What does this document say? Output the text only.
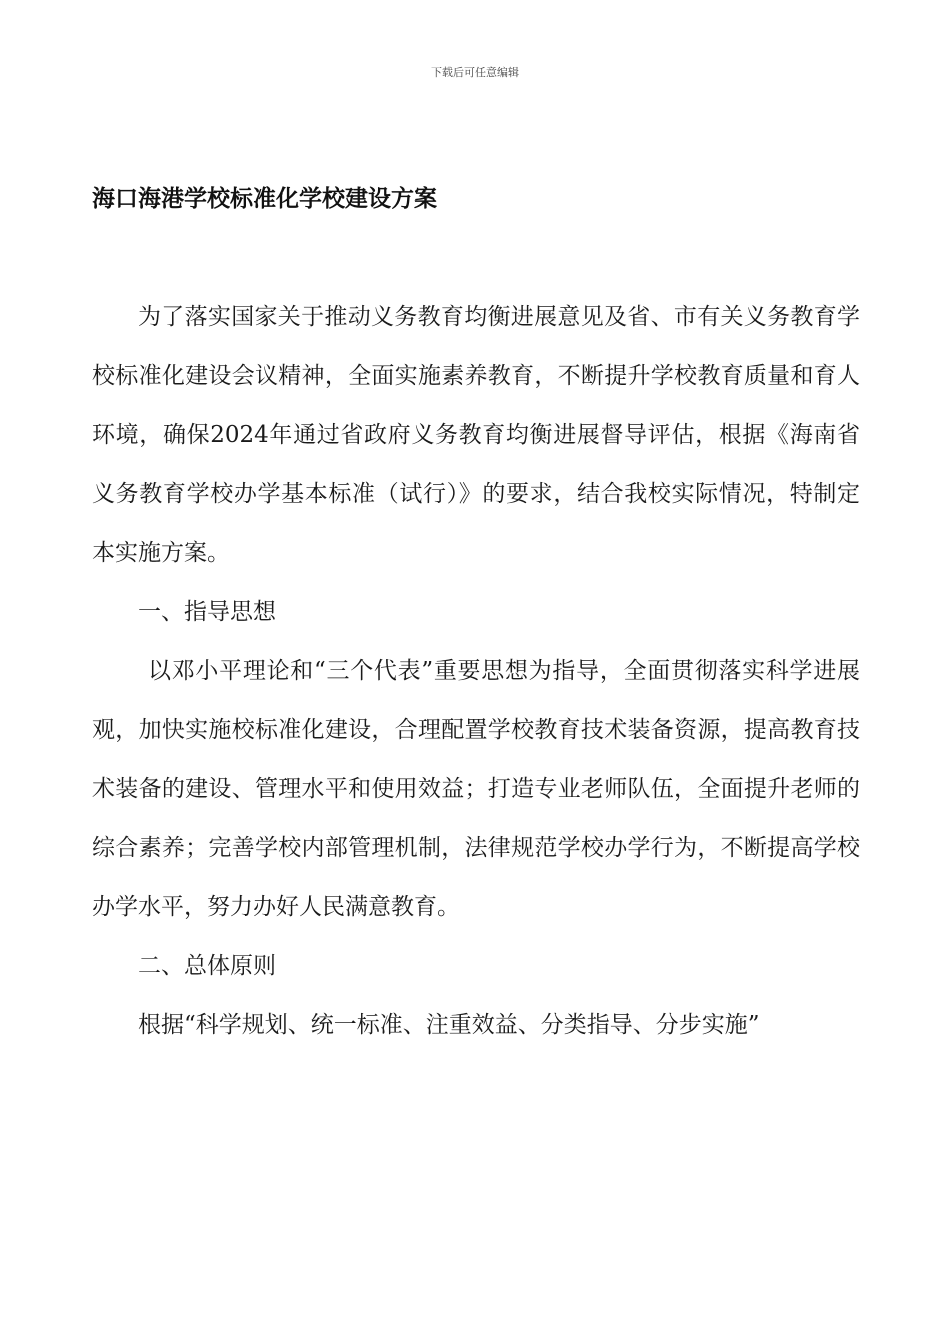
下载后可任意编辑
海口海港学校标准化学校建设方案

为了落实国家关于推动义务教育均衡进展意见及省、市有关义务教育学校标准化建设会议精神，全面实施素养教育，不断提升学校教育质量和育人环境，确保2024年通过省政府义务教育均衡进展督导评估，根据《海南省义务教育学校办学基本标准（试行）》的要求，结合我校实际情况，特制定本实施方案。

一、指导思想

以邓小平理论和“三个代表”重要思想为指导，全面贯彻落实科学进展观，加快实施校标准化建设，合理配置学校教育技术装备资源，提高教育技术装备的建设、管理水平和使用效益；打造专业老师队伍，全面提升老师的综合素养；完善学校内部管理机制，法律规范学校办学行为，不断提高学校办学水平，努力办好人民满意教育。

二、总体原则

根据“科学规划、统一标准、注重效益、分类指导、分步实施”
